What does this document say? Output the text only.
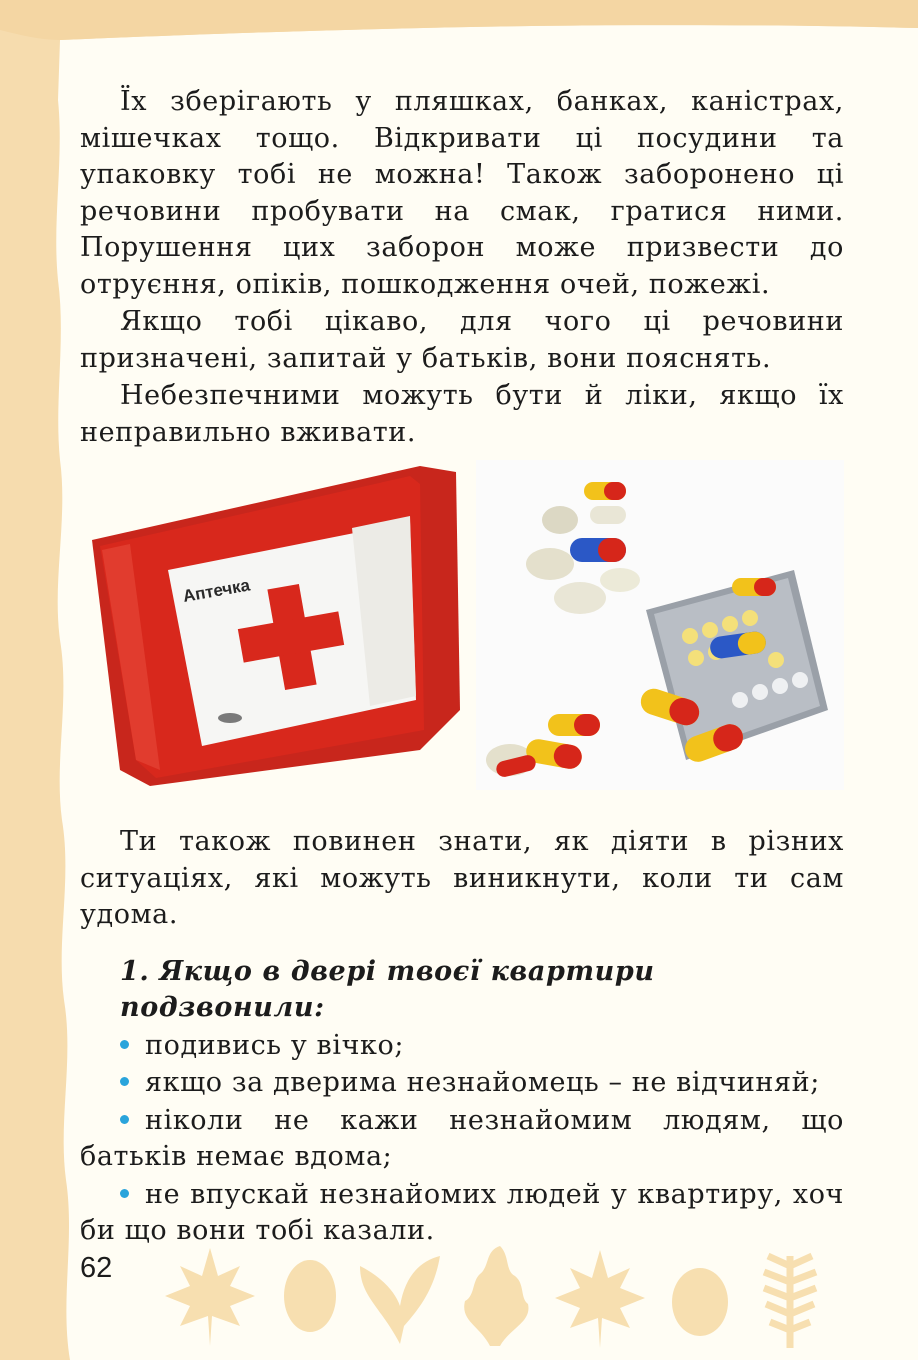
Їх зберігають у пляшках, банках, каністрах, мішечках тощо. Відкривати ці посудини та упаковку тобі не можна! Також заборонено ці речовини пробувати на смак, гратися ними. Порушення цих заборон може призвести до отруєння, опіків, пошкодження очей, пожежі.

Якщо тобі цікаво, для чого ці речовини призначені, запитай у батьків, вони пояснять.

Небезпечними можуть бути й ліки, якщо їх неправильно вживати.

Аптечка

Ти також повинен знати, як діяти в різних ситуаціях, які можуть виникнути, коли ти сам удома.

1. Якщо в двері твоєї квартири подзвонили:

подивись у вічко;

якщо за дверима незнайомець – не відчиняй;

ніколи не кажи незнайомим людям, що батьків немає вдома;

не впускай незнайомих людей у квартиру, хоч би що вони тобі казали.

62
